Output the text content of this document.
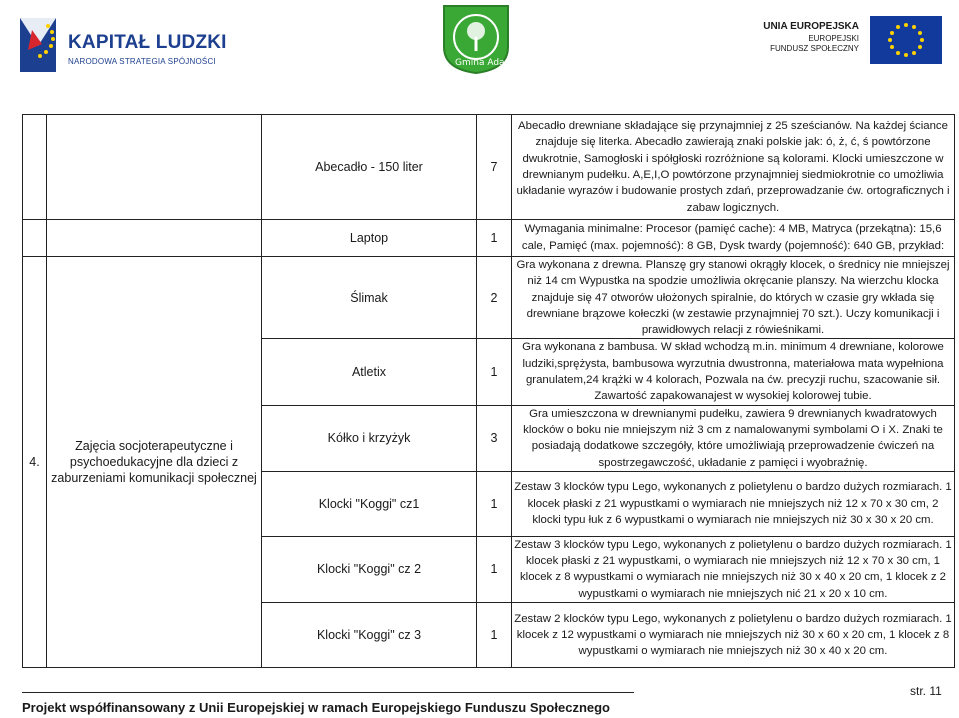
KAPITAŁ LUDZKI
NARODOWA STRATEGIA SPÓJNOŚCI	Gmina Adamówka
UNIA EUROPEJSKA
EUROPEJSKI
FUNDUSZ SPOŁECZNY
		Abecadło - 150 liter	7	Abecadło drewniane składające się przynajmniej z 25 sześcianów. Na każdej ściance znajduje się literka. Abecadło zawierają znaki polskie jak: ó, ż, ć, ś powtórzone dwukrotnie, Samogłoski i spółgłoski rozróżnione są kolorami. Klocki umieszczone w drewnianym pudełku. A,E,I,O powtórzone przynajmniej siedmiokrotnie co umożliwia układanie wyrazów i budowanie prostych zdań, przeprowadzanie ćw. ortograficznych i zabaw logicznych.
		Laptop	1	Wymagania minimalne: Procesor (pamięć cache): 4 MB, Matryca (przekątna): 15,6 cale, Pamięć (max. pojemność): 8 GB, Dysk twardy (pojemność): 640 GB, przykład:

4.	Zajęcia socjoterapeutyczne i psychoedukacyjne dla dzieci z zaburzeniami komunikacji społecznej	Ślimak	2	Gra wykonana z drewna. Planszę gry stanowi okrągły klocek, o średnicy nie mniejszej niż 14 cm Wypustka na spodzie umożliwia okręcanie planszy. Na wierzchu klocka znajduje się 47 otworów ułożonych spiralnie, do których w czasie gry wkłada się drewniane brązowe kołeczki (w zestawie przynajmniej 70 szt.). Uczy komunikacji i prawidłowych relacji z rówieśnikami.
		Atletix	1	Gra wykonana z bambusa. W skład wchodzą m.in. minimum 4 drewniane, kolorowe ludziki,sprężysta, bambusowa wyrzutnia dwustronna, materiałowa mata wypełniona granulatem,24 krążki w 4 kolorach, Pozwala na ćw. precyzji ruchu, szacowanie sił. Zawartość zapakowanajest w wysokiej kolorowej tubie.
		Kółko i krzyżyk	3	Gra umieszczona w drewnianymi pudełku, zawiera 9 drewnianych kwadratowych klocków o boku nie mniejszym niż 3 cm z namalowanymi symbolami O i X. Znaki te posiadają dodatkowe szczegóły, które umożliwiają przeprowadzenie ćwiczeń na spostrzegawczość, układanie z pamięci i wyobraźnię.
		Klocki "Koggi" cz1	1	Zestaw 3 klocków typu Lego, wykonanych z polietylenu o bardzo dużych rozmiarach. 1 klocek płaski z 21 wypustkami o wymiarach nie mniejszych niż 12 x 70 x 30 cm, 2 klocki typu łuk z 6 wypustkami o wymiarach nie mniejszych niż 30 x 30 x 20 cm.
		Klocki "Koggi" cz 2	1	Zestaw 3 klocków typu Lego, wykonanych z polietylenu o bardzo dużych rozmiarach. 1 klocek płaski z 21 wypustkami, o wymiarach nie mniejszych niż 12 x 70 x 30 cm, 1 klocek z 8 wypustkami o wymiarach nie mniejszych niż 30 x 40 x 20 cm, 1 klocek z 2 wypustkami o wymiarach nie mniejszych nić 21 x 20 x 10 cm.
		Klocki "Koggi" cz 3	1	Zestaw 2 klocków typu Lego, wykonanych z polietylenu o bardzo dużych rozmiarach. 1 klocek z 12 wypustkami o wymiarach nie mniejszych niż 30 x 60 x 20 cm, 1 klocek z 8 wypustkami o wymiarach nie mniejszych niż 30 x 40 x 20 cm.
Projekt współfinansowany z Unii Europejskiej w ramach Europejskiego Funduszu Społecznego
str. 11
